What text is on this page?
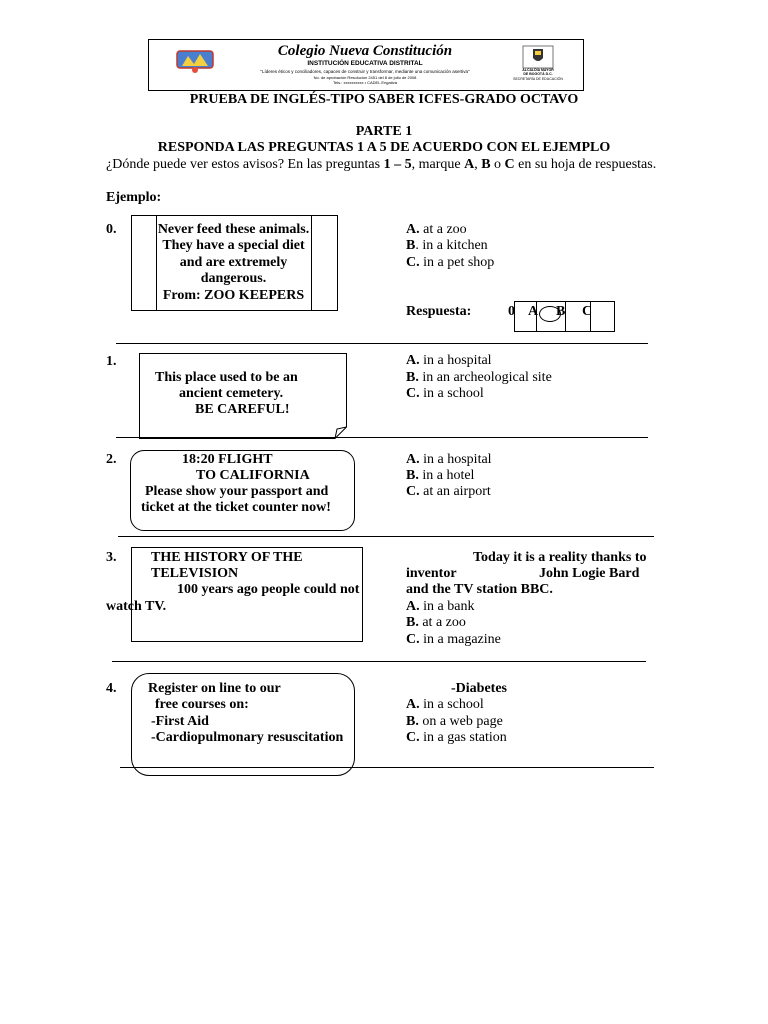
Colegio Nueva Constitución
INSTITUCIÓN EDUCATIVA DISTRITAL
"Líderes éticos y conciliadores, capaces de construir y transformar, mediante una comunicación asertiva"
No. de aprobación Resolución 2451 del 8 de julio de 2008
Tels.: xxxxxxxxxx • CADEL Engativá
ALCALDÍA MAYOR
DE BOGOTÁ D.C.
SECRETARÍA DE EDUCACIÓN
PRUEBA DE INGLÉS-TIPO SABER ICFES-GRADO OCTAVO
PARTE 1
RESPONDA LAS PREGUNTAS 1 A 5 DE ACUERDO CON EL EJEMPLO
¿Dónde puede ver estos avisos? En las preguntas 1 – 5, marque A, B o C en su hoja de respuestas.
Ejemplo:
0.	Never feed these animals.
They have a special diet
and are extremely
dangerous.
From: ZOO KEEPERS
A. at a zoo
B. in a kitchen
C. in a pet shop
Respuesta:	0 A B C
1.
This place used to be an
ancient cemetery.
BE CAREFUL!
A. in a hospital
B. in an archeological site
C. in a school
2.	18:20 FLIGHT
TO CALIFORNIA
Please show your passport and
ticket at the ticket counter now!
A. in a hospital
B. in a hotel
C. at an airport
3. THE HISTORY OF THE
TELEVISION
100 years ago people could not
watch TV.
Today it is a reality thanks to
inventor	John Logie Bard
and the TV station BBC.
A. in a bank
B. at a zoo
C. in a magazine
4. Register on line to our
free courses on:
-First Aid
-Cardiopulmonary resuscitation
-Diabetes
A. in a school
B. on a web page
C. in a gas station
